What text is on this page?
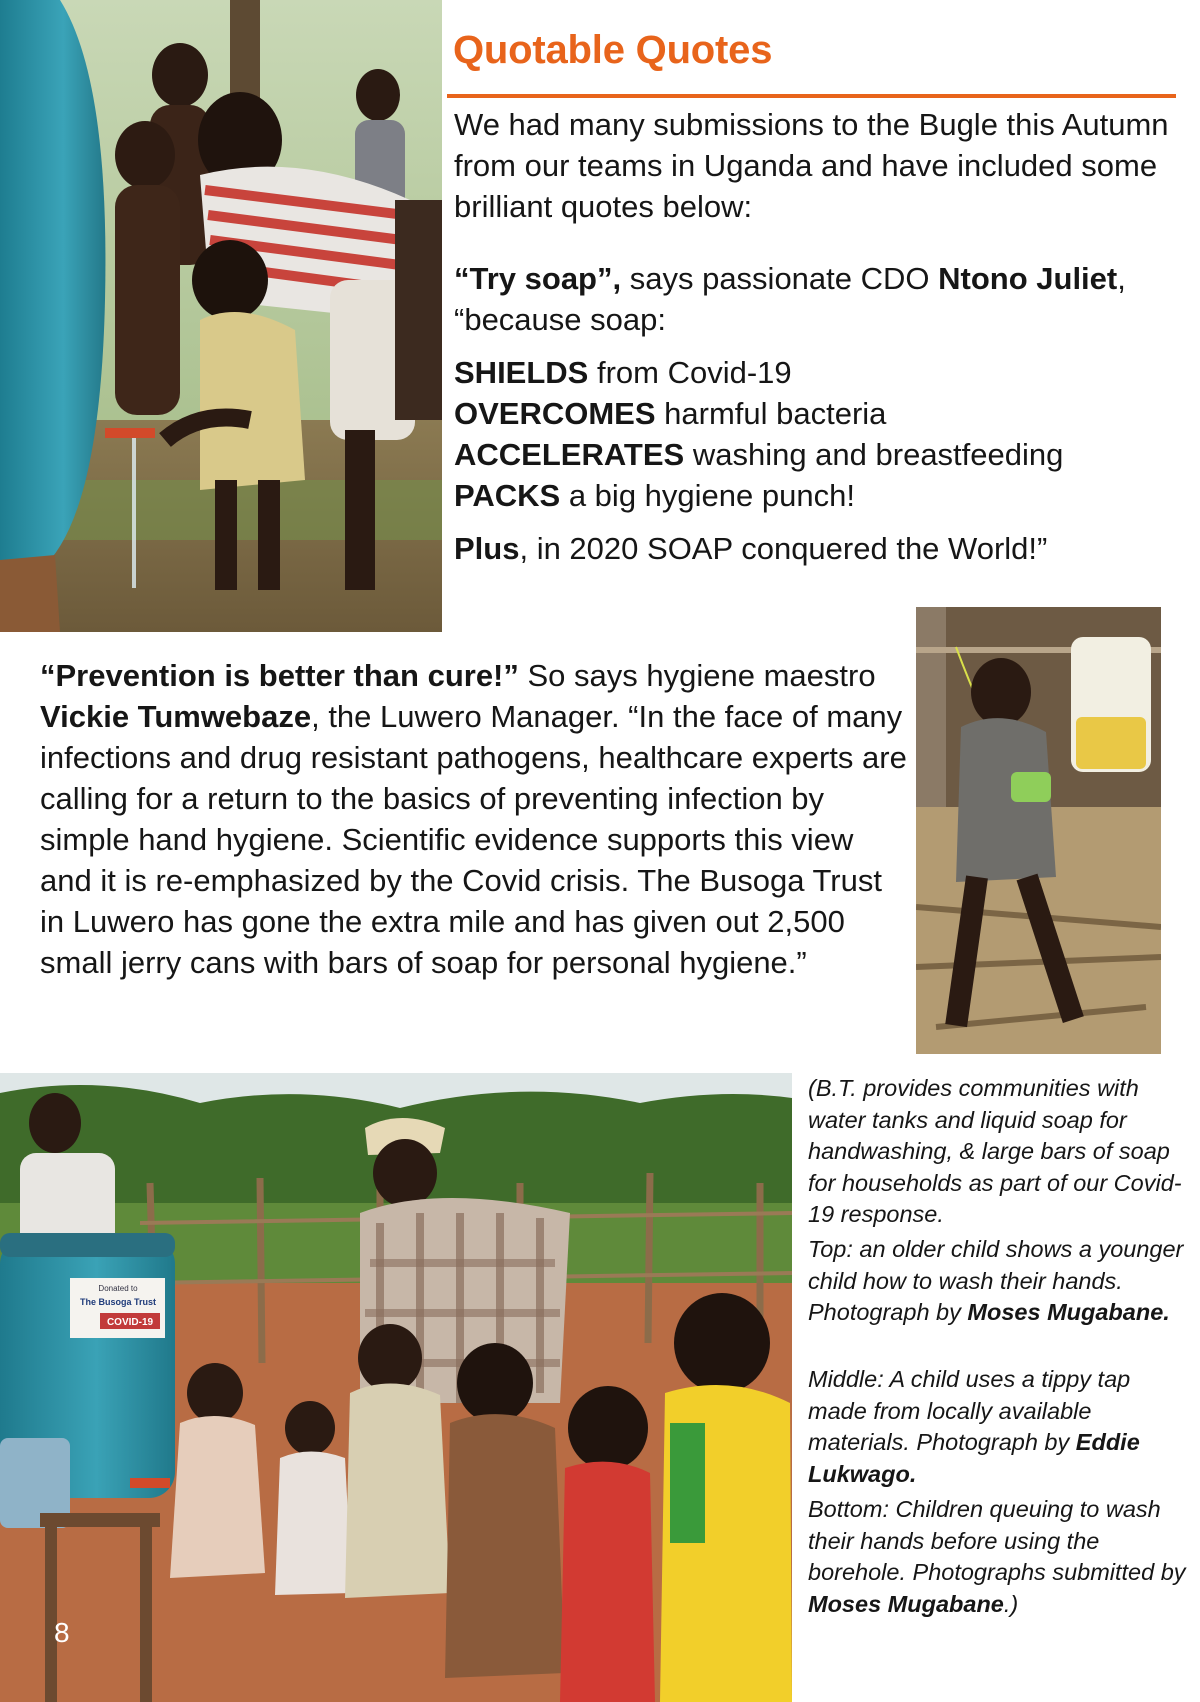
Quotable Quotes
We had many submissions to the Bugle this Autumn from our teams in Uganda and have included some brilliant quotes below:
“Try soap”, says passionate CDO Ntono Juliet, “because soap:
SHIELDS from Covid-19
OVERCOMES harmful bacteria
ACCELERATES washing and breastfeeding
PACKS a big hygiene punch!
Plus, in 2020 SOAP conquered the World!”
“Prevention is better than cure!” So says hygiene maestro Vickie Tumwebaze, the Luwero Manager. “In the face of many infections and drug resistant pathogens, healthcare experts are calling for a return to the basics of preventing infection by simple hand hygiene. Scientific evidence supports this view and it is re-emphasized by the Covid crisis. The Busoga Trust in Luwero has gone the extra mile and has given out 2,500 small jerry cans with bars of soap for personal hygiene.”
Donated to
The Busoga Trust
COVID-19
(B.T. provides communities with water tanks and liquid soap for handwashing, & large bars of soap for households as part of our Covid-19 response.
Top: an older child shows a younger child how to wash their hands. Photograph by Moses Mugabane.
Middle: A child uses a tippy tap made from locally available materials. Photograph by Eddie Lukwago.
Bottom: Children queuing to wash their hands before using the borehole. Photographs submitted by Moses Mugabane.)
8
